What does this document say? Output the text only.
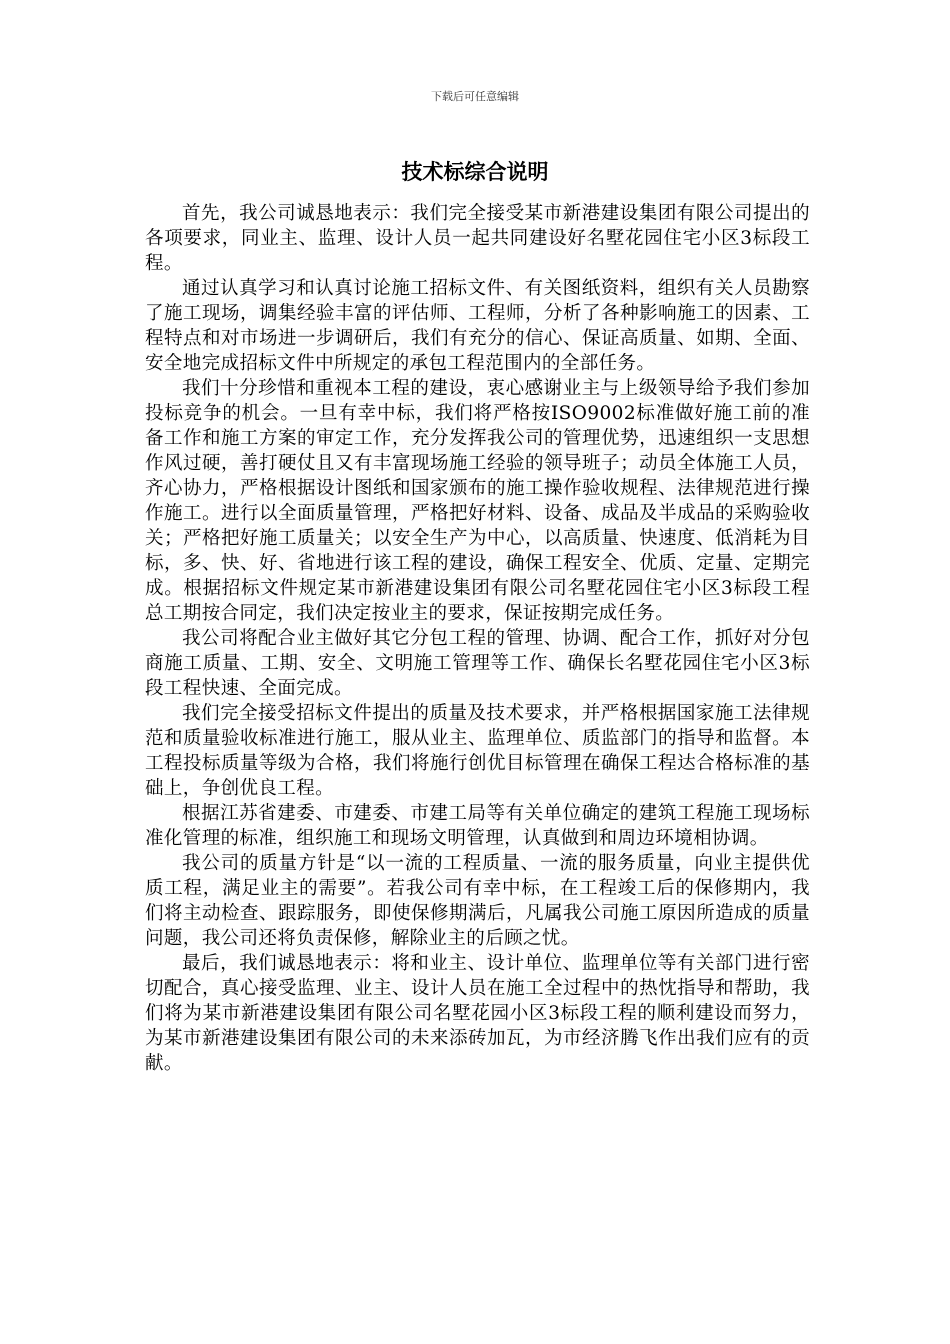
下载后可任意编辑
技术标综合说明

首先，我公司诚恳地表示：我们完全接受某市新港建设集团有限公司提出的各项要求，同业主、监理、设计人员一起共同建设好名墅花园住宅小区3标段工程。

通过认真学习和认真讨论施工招标文件、有关图纸资料，组织有关人员勘察了施工现场，调集经验丰富的评估师、工程师，分析了各种影响施工的因素、工程特点和对市场进一步调研后，我们有充分的信心、保证高质量、如期、全面、安全地完成招标文件中所规定的承包工程范围内的全部任务。

我们十分珍惜和重视本工程的建设，衷心感谢业主与上级领导给予我们参加投标竞争的机会。一旦有幸中标，我们将严格按ISO9002标准做好施工前的准备工作和施工方案的审定工作，充分发挥我公司的管理优势，迅速组织一支思想作风过硬，善打硬仗且又有丰富现场施工经验的领导班子；动员全体施工人员，齐心协力，严格根据设计图纸和国家颁布的施工操作验收规程、法律规范进行操作施工。进行以全面质量管理，严格把好材料、设备、成品及半成品的采购验收关；严格把好施工质量关；以安全生产为中心，以高质量、快速度、低消耗为目标，多、快、好、省地进行该工程的建设，确保工程安全、优质、定量、定期完成。根据招标文件规定某市新港建设集团有限公司名墅花园住宅小区3标段工程总工期按合同定，我们决定按业主的要求，保证按期完成任务。

我公司将配合业主做好其它分包工程的管理、协调、配合工作，抓好对分包商施工质量、工期、安全、文明施工管理等工作、确保长名墅花园住宅小区3标段工程快速、全面完成。

我们完全接受招标文件提出的质量及技术要求，并严格根据国家施工法律规范和质量验收标准进行施工，服从业主、监理单位、质监部门的指导和监督。本工程投标质量等级为合格，我们将施行创优目标管理在确保工程达合格标准的基础上，争创优良工程。

根据江苏省建委、市建委、市建工局等有关单位确定的建筑工程施工现场标准化管理的标准，组织施工和现场文明管理，认真做到和周边环境相协调。

我公司的质量方针是“以一流的工程质量、一流的服务质量，向业主提供优质工程，满足业主的需要”。若我公司有幸中标，在工程竣工后的保修期内，我们将主动检查、跟踪服务，即使保修期满后，凡属我公司施工原因所造成的质量问题，我公司还将负责保修，解除业主的后顾之忧。

最后，我们诚恳地表示：将和业主、设计单位、监理单位等有关部门进行密切配合，真心接受监理、业主、设计人员在施工全过程中的热忱指导和帮助，我们将为某市新港建设集团有限公司名墅花园小区3标段工程的顺利建设而努力，为某市新港建设集团有限公司的未来添砖加瓦，为市经济腾飞作出我们应有的贡献。
